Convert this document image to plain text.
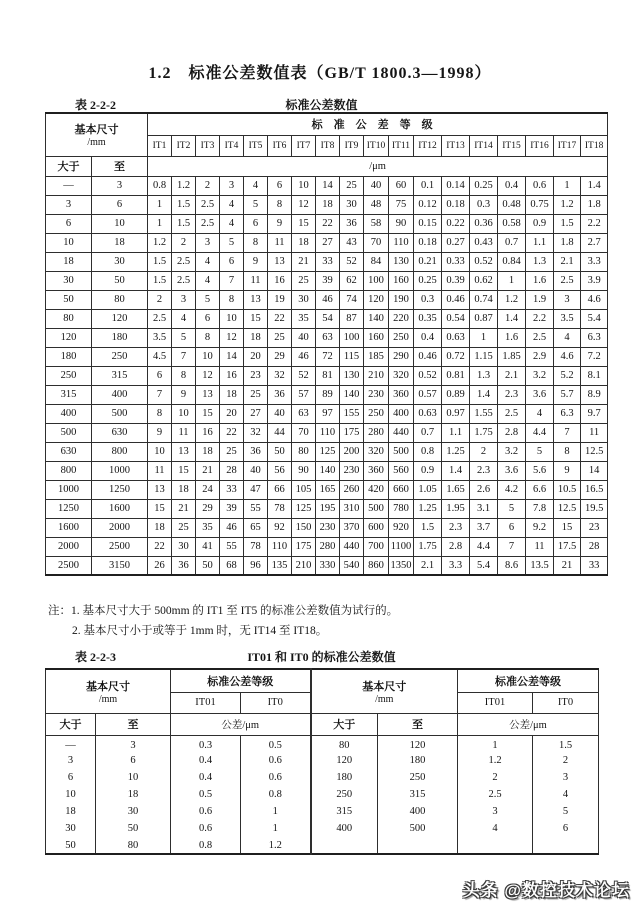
1.2　标准公差数值表（GB/T 1800.3—1998）
表 2-2-2	标准公差数值
基本尺寸
/mm		标准公差等级																	
		IT1	IT2	IT3	IT4	IT5	IT6	IT7	IT8	IT9	IT10	IT11	IT12	IT13	IT14	IT15	IT16	IT17	IT18
大于	至	/μm																	
—	3	0.8	1.2	2	3	4	6	10	14	25	40	60	0.1	0.14	0.25	0.4	0.6	1	1.4
3	6	1	1.5	2.5	4	5	8	12	18	30	48	75	0.12	0.18	0.3	0.48	0.75	1.2	1.8
6	10	1	1.5	2.5	4	6	9	15	22	36	58	90	0.15	0.22	0.36	0.58	0.9	1.5	2.2
10	18	1.2	2	3	5	8	11	18	27	43	70	110	0.18	0.27	0.43	0.7	1.1	1.8	2.7
18	30	1.5	2.5	4	6	9	13	21	33	52	84	130	0.21	0.33	0.52	0.84	1.3	2.1	3.3
30	50	1.5	2.5	4	7	11	16	25	39	62	100	160	0.25	0.39	0.62	1	1.6	2.5	3.9
50	80	2	3	5	8	13	19	30	46	74	120	190	0.3	0.46	0.74	1.2	1.9	3	4.6
80	120	2.5	4	6	10	15	22	35	54	87	140	220	0.35	0.54	0.87	1.4	2.2	3.5	5.4
120	180	3.5	5	8	12	18	25	40	63	100	160	250	0.4	0.63	1	1.6	2.5	4	6.3
180	250	4.5	7	10	14	20	29	46	72	115	185	290	0.46	0.72	1.15	1.85	2.9	4.6	7.2
250	315	6	8	12	16	23	32	52	81	130	210	320	0.52	0.81	1.3	2.1	3.2	5.2	8.1
315	400	7	9	13	18	25	36	57	89	140	230	360	0.57	0.89	1.4	2.3	3.6	5.7	8.9
400	500	8	10	15	20	27	40	63	97	155	250	400	0.63	0.97	1.55	2.5	4	6.3	9.7
500	630	9	11	16	22	32	44	70	110	175	280	440	0.7	1.1	1.75	2.8	4.4	7	11
630	800	10	13	18	25	36	50	80	125	200	320	500	0.8	1.25	2	3.2	5	8	12.5
800	1000	11	15	21	28	40	56	90	140	230	360	560	0.9	1.4	2.3	3.6	5.6	9	14
1000	1250	13	18	24	33	47	66	105	165	260	420	660	1.05	1.65	2.6	4.2	6.6	10.5	16.5
1250	1600	15	21	29	39	55	78	125	195	310	500	780	1.25	1.95	3.1	5	7.8	12.5	19.5
1600	2000	18	25	35	46	65	92	150	230	370	600	920	1.5	2.3	3.7	6	9.2	15	23
2000	2500	22	30	41	55	78	110	175	280	440	700	1100	1.75	2.8	4.4	7	11	17.5	28
2500	3150	26	36	50	68	96	135	210	330	540	860	1350	2.1	3.3	5.4	8.6	13.5	21	33
注：1. 基本尺寸大于 500mm 的 IT1 至 IT5 的标准公差数值为试行的。
2. 基本尺寸小于或等于 1mm 时，无 IT14 至 IT18。
表 2-2-3	IT01 和 IT0 的标准公差数值
基本尺寸
/mm
	标准公差等级	基本尺寸
/mm
	标准公差等级
		IT01	IT0			IT01	IT0
大于	至	公差/μm		大于	至	公差/μm	
—	3	0.3	0.5	80	120	1	1.5
3	6	0.4	0.6	120	180	1.2	2
6	10	0.4	0.6	180	250	2	3
10	18	0.5	0.8	250	315	2.5	4
18	30	0.6	1	315	400	3	5
30	50	0.6	1	400	500	4	6
50	80	0.8	1.2				
头条 @数控技术论坛
